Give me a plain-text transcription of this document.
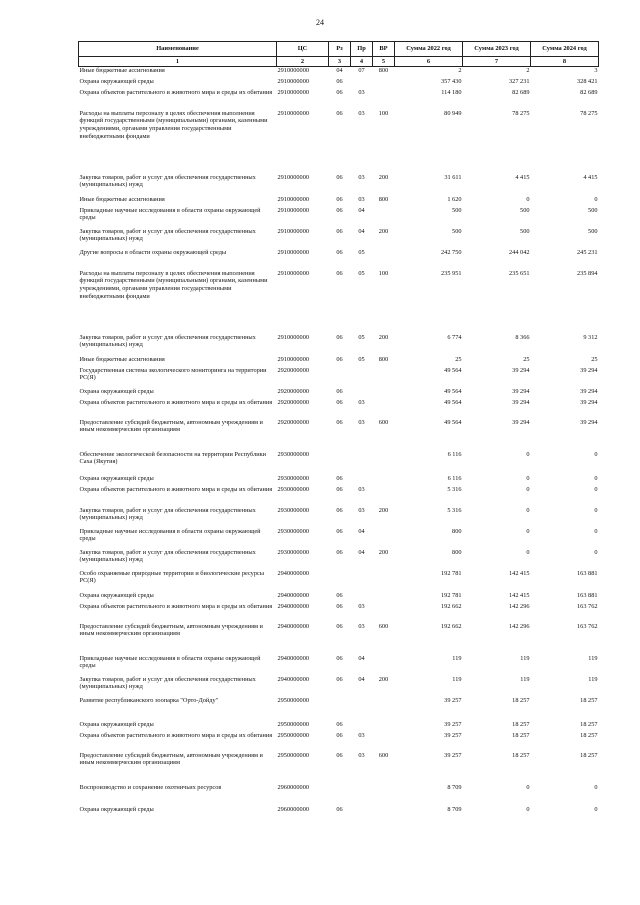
24
Наименование	ЦС	Рз	Пр	ВР	Сумма 2022 год	Сумма 2023 год	Сумма 2024 год
1	2	3	4	5	6	7	8
Иные бюджетные ассигнования	2910000000	04	07	800	2	2	3
Охрана окружающей среды	2910000000	06			357 430	327 231	328 421
Охрана объектов растительного и животного мира и среды их обитания	2910000000	06	03		114 180	82 689	82 689
Расходы на выплаты персоналу в целях обеспечения выполнения функций государственными (муниципальными) органами, казенными учреждениями, органами управления государственными внебюджетными фондами	2910000000	06	03	100	80 949	78 275	78 275
Закупка товаров, работ и услуг для обеспечения государственных (муниципальных) нужд	2910000000	06	03	200	31 611	4 415	4 415
Иные бюджетные ассигнования	2910000000	06	03	800	1 620	0	0
Прикладные научные исследования в области охраны окружающей среды	2910000000	06	04		500	500	500
Закупка товаров, работ и услуг для обеспечения государственных (муниципальных) нужд	2910000000	06	04	200	500	500	500
Другие вопросы в области охраны окружающей среды	2910000000	06	05		242 750	244 042	245 231
Расходы на выплаты персоналу в целях обеспечения выполнения функций государственными (муниципальными) органами, казенными учреждениями, органами управления государственными внебюджетными фондами	2910000000	06	05	100	235 951	235 651	235 894
Закупка товаров, работ и услуг для обеспечения государственных (муниципальных) нужд	2910000000	06	05	200	6 774	8 366	9 312
Иные бюджетные ассигнования	2910000000	06	05	800	25	25	25
Государственная система экологического мониторинга на территории РС(Я)	2920000000				49 564	39 294	39 294
Охрана окружающей среды	2920000000	06			49 564	39 294	39 294
Охрана объектов растительного и животного мира и среды их обитания	2920000000	06	03		49 564	39 294	39 294
Предоставление субсидий бюджетным, автономным учреждениям и иным некоммерческим организациям	2920000000	06	03	600	49 564	39 294	39 294
Обеспечение экологической безопасности на территории Республики Саха (Якутия)	2930000000				6 116	0	0
Охрана окружающей среды	2930000000	06			6 116	0	0
Охрана объектов растительного и животного мира и среды их обитания	2930000000	06	03		5 316	0	0
Закупка товаров, работ и услуг для обеспечения государственных (муниципальных) нужд	2930000000	06	03	200	5 316	0	0
Прикладные научные исследования в области охраны окружающей среды	2930000000	06	04		800	0	0
Закупка товаров, работ и услуг для обеспечения государственных (муниципальных) нужд	2930000000	06	04	200	800	0	0
Особо охраняемые природные территории и биологические ресурсы РС(Я)	2940000000				192 781	142 415	163 881
Охрана окружающей среды	2940000000	06			192 781	142 415	163 881
Охрана объектов растительного и животного мира и среды их обитания	2940000000	06	03		192 662	142 296	163 762
Предоставление субсидий бюджетным, автономным учреждениям и иным некоммерческим организациям	2940000000	06	03	600	192 662	142 296	163 762
Прикладные научные исследования в области охраны окружающей среды	2940000000	06	04		119	119	119
Закупка товаров, работ и услуг для обеспечения государственных (муниципальных) нужд	2940000000	06	04	200	119	119	119
Развитие республиканского зоопарка "Орто-Дойду"	2950000000				39 257	18 257	18 257
Охрана окружающей среды	2950000000	06			39 257	18 257	18 257
Охрана объектов растительного и животного мира и среды их обитания	2950000000	06	03		39 257	18 257	18 257
Предоставление субсидий бюджетным, автономным учреждениям и иным некоммерческим организациям	2950000000	06	03	600	39 257	18 257	18 257
Воспроизводство и сохранение охотничьих ресурсов	2960000000				8 709	0	0
Охрана окружающей среды	2960000000	06			8 709	0	0
